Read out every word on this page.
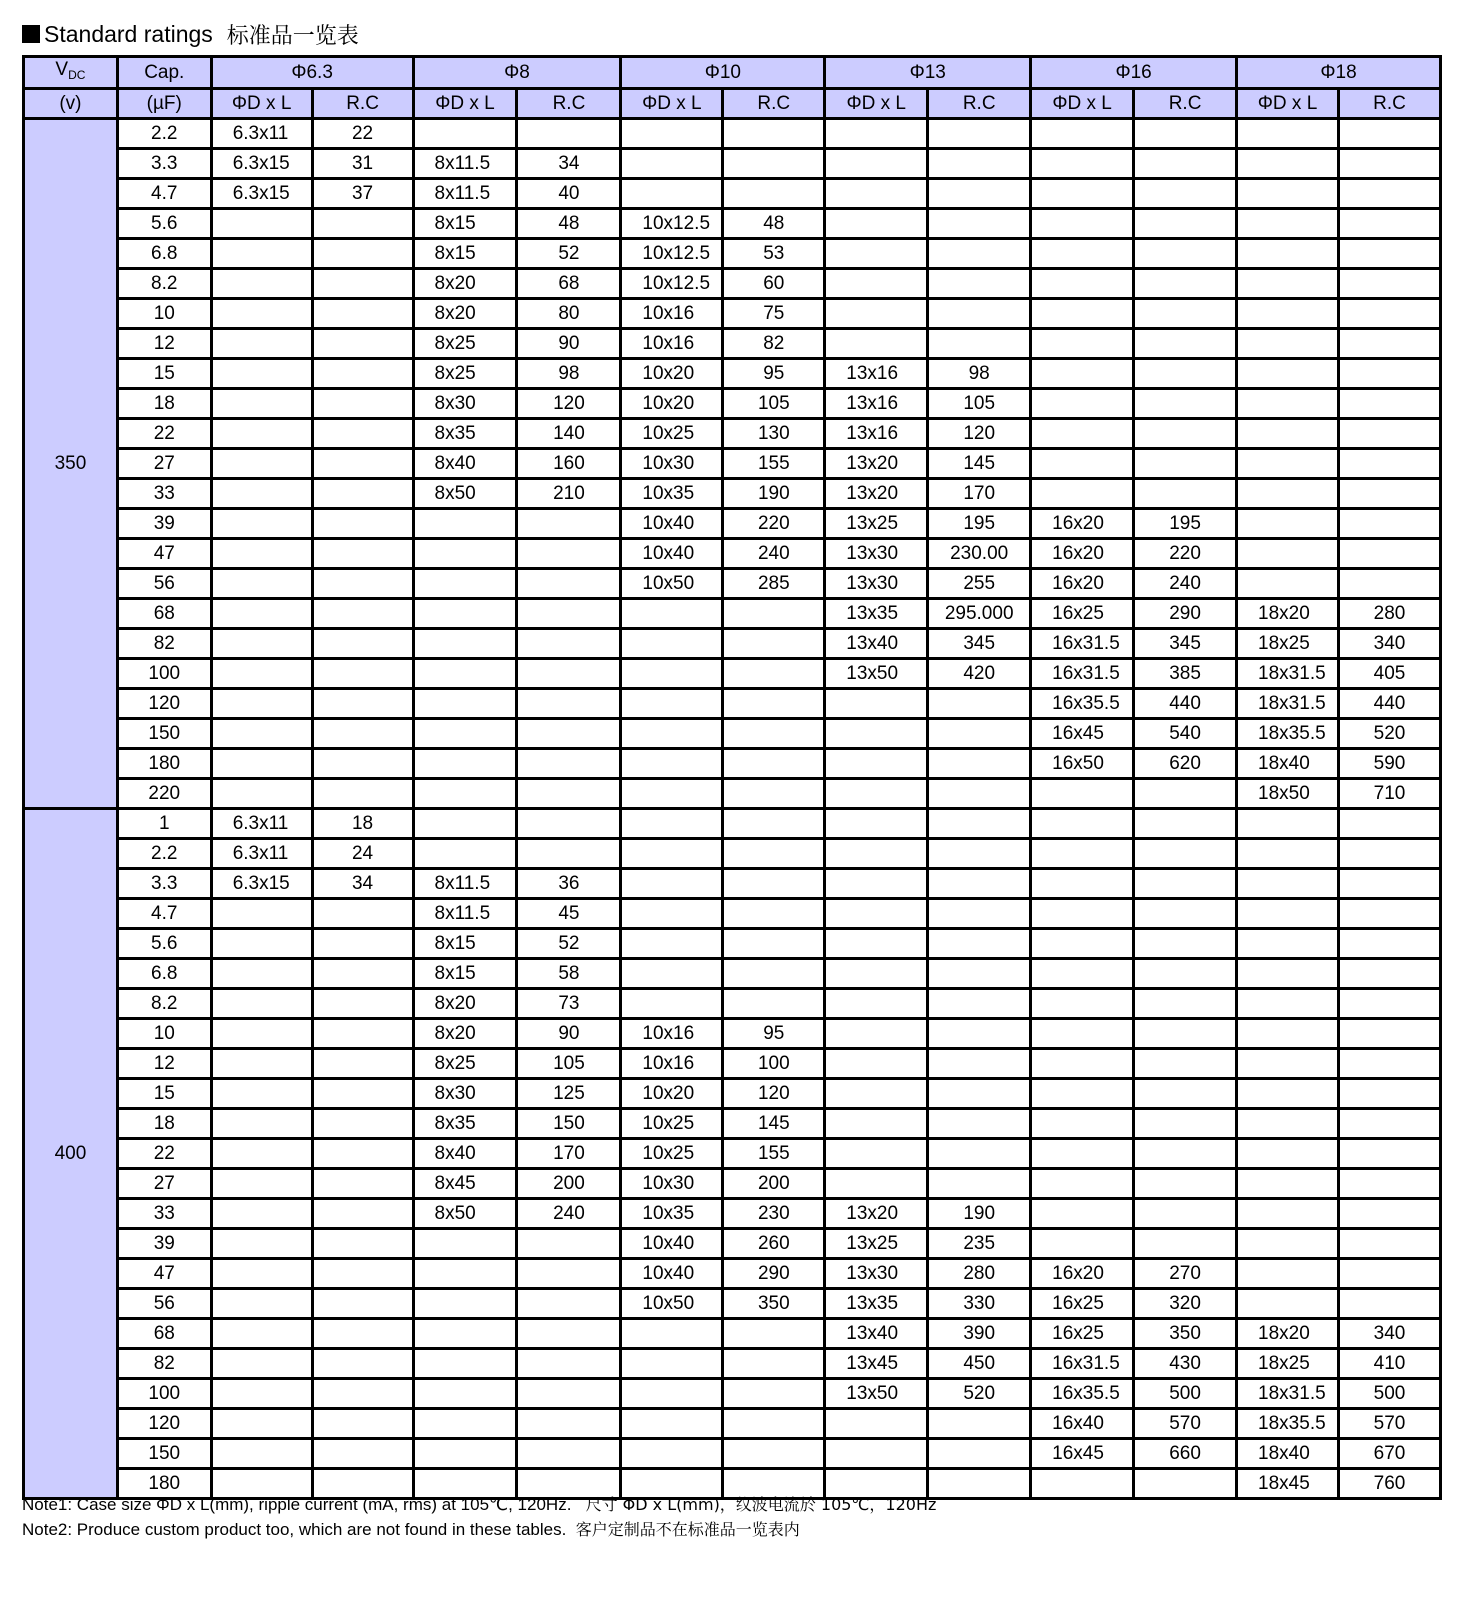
Standard ratings 标准品一览表
$V_{DC}$	Cap.	Φ6.3		Φ8		Φ10		Φ13		Φ16		Φ18	
(v)	(µF)	ΦD x L	R.C	ΦD x L	R.C	ΦD x L	R.C	ΦD x L	R.C	ΦD x L	R.C	ΦD x L	R.C
350	2.2	6.3x11	22										
	3.3	6.3x15	31	8x11.5	34								
	4.7	6.3x15	37	8x11.5	40								
	5.6			8x15	48	10x12.5	48						
	6.8			8x15	52	10x12.5	53						
	8.2			8x20	68	10x12.5	60						
	10			8x20	80	10x16	75						
	12			8x25	90	10x16	82						
	15			8x25	98	10x20	95	13x16	98				
	18			8x30	120	10x20	105	13x16	105				
	22			8x35	140	10x25	130	13x16	120				
	27			8x40	160	10x30	155	13x20	145				
	33			8x50	210	10x35	190	13x20	170				
	39					10x40	220	13x25	195	16x20	195		
	47					10x40	240	13x30	230.00	16x20	220		
	56					10x50	285	13x30	255	16x20	240		
	68							13x35	295.000	16x25	290	18x20	280
	82							13x40	345	16x31.5	345	18x25	340
	100							13x50	420	16x31.5	385	18x31.5	405
	120									16x35.5	440	18x31.5	440
	150									16x45	540	18x35.5	520
	180									16x50	620	18x40	590
	220											18x50	710
400	1	6.3x11	18										
	2.2	6.3x11	24										
	3.3	6.3x15	34	8x11.5	36								
	4.7			8x11.5	45								
	5.6			8x15	52								
	6.8			8x15	58								
	8.2			8x20	73								
	10			8x20	90	10x16	95						
	12			8x25	105	10x16	100						
	15			8x30	125	10x20	120						
	18			8x35	150	10x25	145						
	22			8x40	170	10x25	155						
	27			8x45	200	10x30	200						
	33			8x50	240	10x35	230	13x20	190				
	39					10x40	260	13x25	235				
	47					10x40	290	13x30	280	16x20	270		
	56					10x50	350	13x35	330	16x25	320		
	68							13x40	390	16x25	350	18x20	340
	82							13x45	450	16x31.5	430	18x25	410
	100							13x50	520	16x35.5	500	18x31.5	500
	120									16x40	570	18x35.5	570
	150									16x45	660	18x40	670
	180											18x45	760
Note1: Case size ΦD x L(mm), ripple current (mA, rms) at 105℃, 120Hz. 尺寸 ΦD x L(mm)，纹波电流於 105℃，120Hz
Note2: Produce custom product too, which are not found in these tables. 客户定制品不在标准品一览表内
